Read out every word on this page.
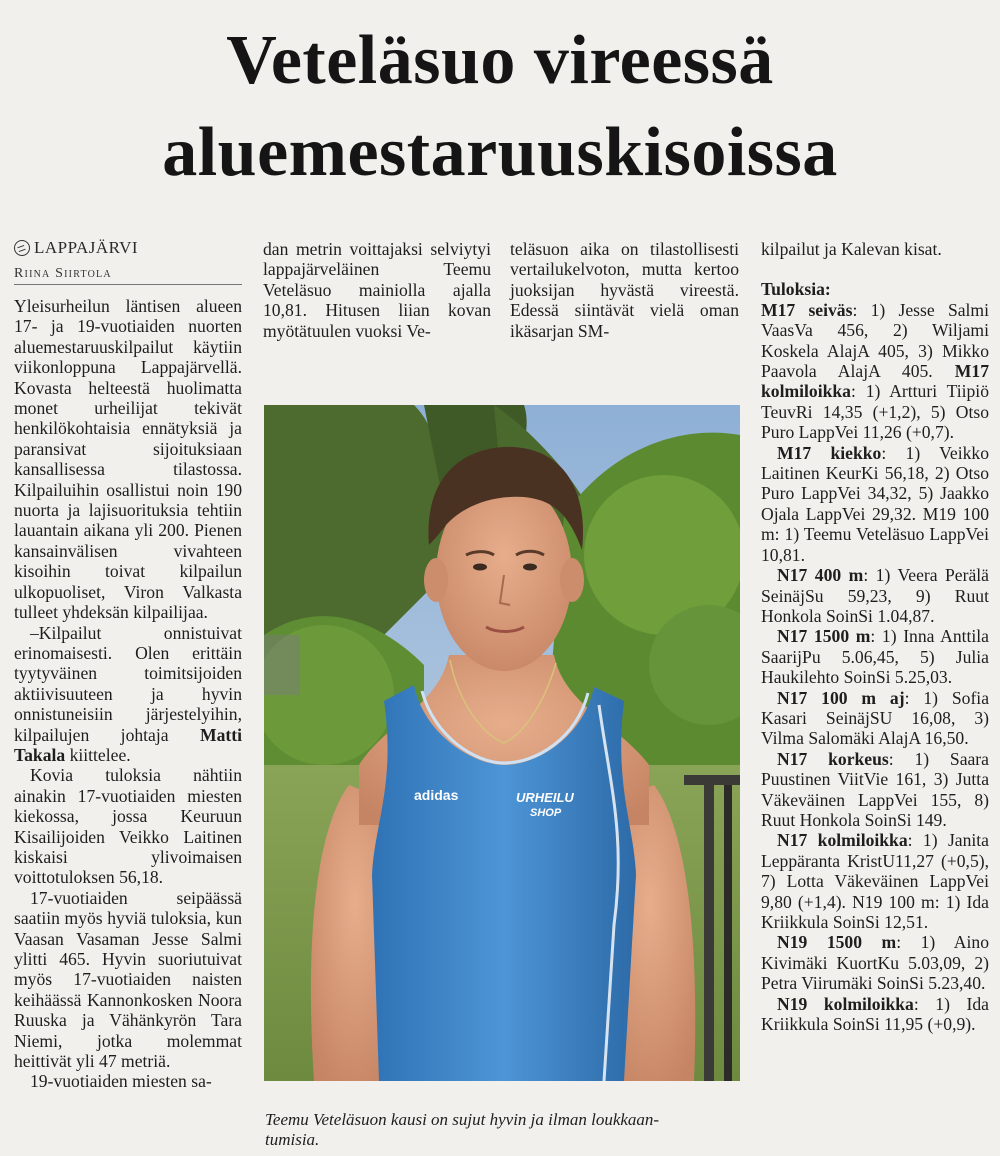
Veteläsuo vireessä
aluemestaruuskisoissa
LAPPAJÄRVI
Riina Siirtola

Yleisurheilun läntisen alueen 17- ja 19-vuotiaiden nuorten aluemestaruuskilpailut käytiin viikonloppuna Lappajärvellä. Kovasta helteestä huolimatta monet urheilijat tekivät henkilökohtaisia ennätyksiä ja paransivat sijoituksiaan kansallisessa tilastossa. Kilpailuihin osallistui noin 190 nuorta ja lajisuorituksia tehtiin lauantain aikana yli 200. Pienen kansainvälisen vivahteen kisoihin toivat kilpailun ulkopuoliset, Viron Valkasta tulleet yhdeksän kilpailijaa.

–Kilpailut onnistuivat erinomaisesti. Olen erittäin tyytyväinen toimitsijoiden aktiivisuuteen ja hyvin onnistuneisiin järjestelyihin, kilpailujen johtaja Matti Takala kiittelee.

Kovia tuloksia nähtiin ainakin 17-vuotiaiden miesten kiekossa, jossa Keuruun Kisailijoiden Veikko Laitinen kiskaisi ylivoimaisen voittotuloksen 56,18.

17-vuotiaiden seipäässä saatiin myös hyviä tuloksia, kun Vaasan Vasaman Jesse Salmi ylitti 465. Hyvin suoriutuivat myös 17-vuotiaiden naisten keihäässä Kannonkosken Noora Ruuska ja Vähänkyrön Tara Niemi, jotka molemmat heittivät yli 47 metriä.

19-vuotiaiden miesten sa-

dan metrin voittajaksi selviytyi lappajärveläinen Teemu Veteläsuo mainiolla ajalla 10,81. Hitusen liian kovan myötätuulen vuoksi Ve-

teläsuon aika on tilastollisesti vertailukelvoton, mutta kertoo juoksijan hyvästä vireestä. Edessä siintävät vielä oman ikäsarjan SM-

kilpailut ja Kalevan kisat.

Tuloksia:

M17 seiväs: 1) Jesse Salmi VaasVa 456, 2) Wiljami Koskela AlajA 405, 3) Mikko Paavola AlajA 405. M17 kolmiloikka: 1) Artturi Tiipiö TeuvRi 14,35 (+1,2), 5) Otso Puro LappVei 11,26 (+0,7).

M17 kiekko: 1) Veikko Laitinen KeurKi 56,18, 2) Otso Puro LappVei 34,32, 5) Jaakko Ojala LappVei 29,32. M19 100 m: 1) Teemu Veteläsuo LappVei 10,81.

N17 400 m: 1) Veera Perälä SeinäjSu 59,23, 9) Ruut Honkola SoinSi 1.04,87.

N17 1500 m: 1) Inna Anttila SaarijPu 5.06,45, 5) Julia Haukilehto SoinSi 5.25,03.

N17 100 m aj: 1) Sofia Kasari SeinäjSU 16,08, 3) Vilma Salomäki AlajA 16,50.

N17 korkeus: 1) Saara Puustinen ViitVie 161, 3) Jutta Väkeväinen LappVei 155, 8) Ruut Honkola SoinSi 149.

N17 kolmiloikka: 1) Janita Leppäranta KristU11,27 (+0,5), 7) Lotta Väkeväinen LappVei 9,80 (+1,4). N19 100 m: 1) Ida Kriikkula SoinSi 12,51.

N19 1500 m: 1) Aino Kivimäki KuortKu 5.03,09, 2) Petra Viirumäki SoinSi 5.23,40.

N19 kolmiloikka: 1) Ida Kriikkula SoinSi 11,95 (+0,9).

adidas	URHEILU
SHOP
Teemu Veteläsuon kausi on sujut hyvin ja ilman loukkaan-
tumisia.
